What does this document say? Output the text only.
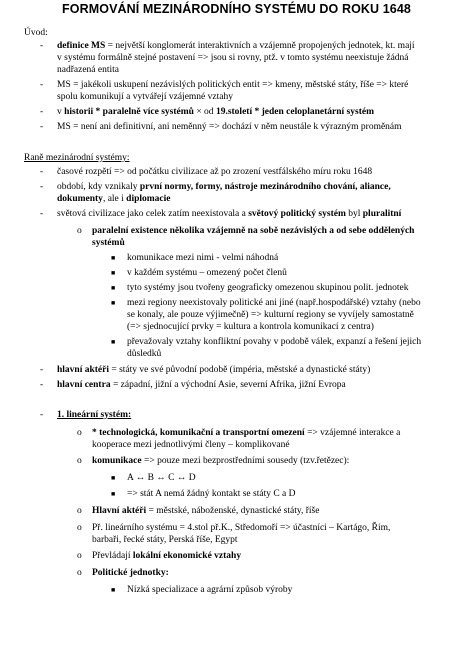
FORMOVÁNÍ MEZINÁRODNÍHO SYSTÉMU DO ROKU 1648
Úvod:
- definice MS = největší konglomerát interaktivních a vzájemně propojených jednotek, kt. mají
v systému formálně stejné postavení => jsou si rovny, ptž. v tomto systému neexistuje žádná
nadřazená entita
- MS = jakékoli uskupení nezávislých politických entit => kmeny, městské státy, říše => které
spolu komunikují a vytvářejí vzájemné vztahy
- v historii * paralelně více systémů × od 19.století * jeden celoplanetární systém
- MS = není ani definitivní, ani neměnný => dochází v něm neustále k výrazným proměnám
Raně mezinárodní systémy:
- časové rozpětí => od počátku civilizace až po zrození vestfálského míru roku 1648
- období, kdy vznikaly první normy, formy, nástroje mezinárodního chování, aliance,
dokumenty, ale i diplomacie
- světová civilizace jako celek zatím neexistovala a světový politický systém byl pluralitní
o paralelní existence několika vzájemně na sobě nezávislých a od sebe oddělených
systémů
■ komunikace mezi nimi - velmi náhodná
■ v každém systému – omezený počet členů
■ tyto systémy jsou tvořeny geograficky omezenou skupinou polit. jednotek
■ mezi regiony neexistovaly politické ani jiné (např.hospodářské) vztahy (nebo
se konaly, ale pouze výjimečně) => kulturní regiony se vyvíjely samostatně
(=> sjednocující prvky = kultura a kontrola komunikací z centra)
■ převažovaly vztahy konfliktní povahy v podobě válek, expanzí a řešení jejich
důsledků
- hlavní aktéři = státy ve své původní podobě (impéria, městské a dynastické státy)
- hlavní centra = západní, jižní a východní Asie, severní Afrika, jižní Evropa
- 1. lineární systém:
o * technologická, komunikační a transportní omezení => vzájemné interakce a
kooperace mezi jednotlivými členy – komplikované
o komunikace => pouze mezi bezprostředními sousedy (tzv.řetězec):
■ A ↔ B ↔ C ↔ D
■ => stát A nemá žádný kontakt se státy C a D
o Hlavní aktéři = městské, náboženské, dynastické státy, říše
o Př. lineárního systému = 4.stol př.K., Středomoří => účastníci – Kartágo, Řím,
barbaři, řecké státy, Perská říše, Egypt
o Převládají lokální ekonomické vztahy
o Politické jednotky:
■ Nízká specializace a agrární způsob výroby
